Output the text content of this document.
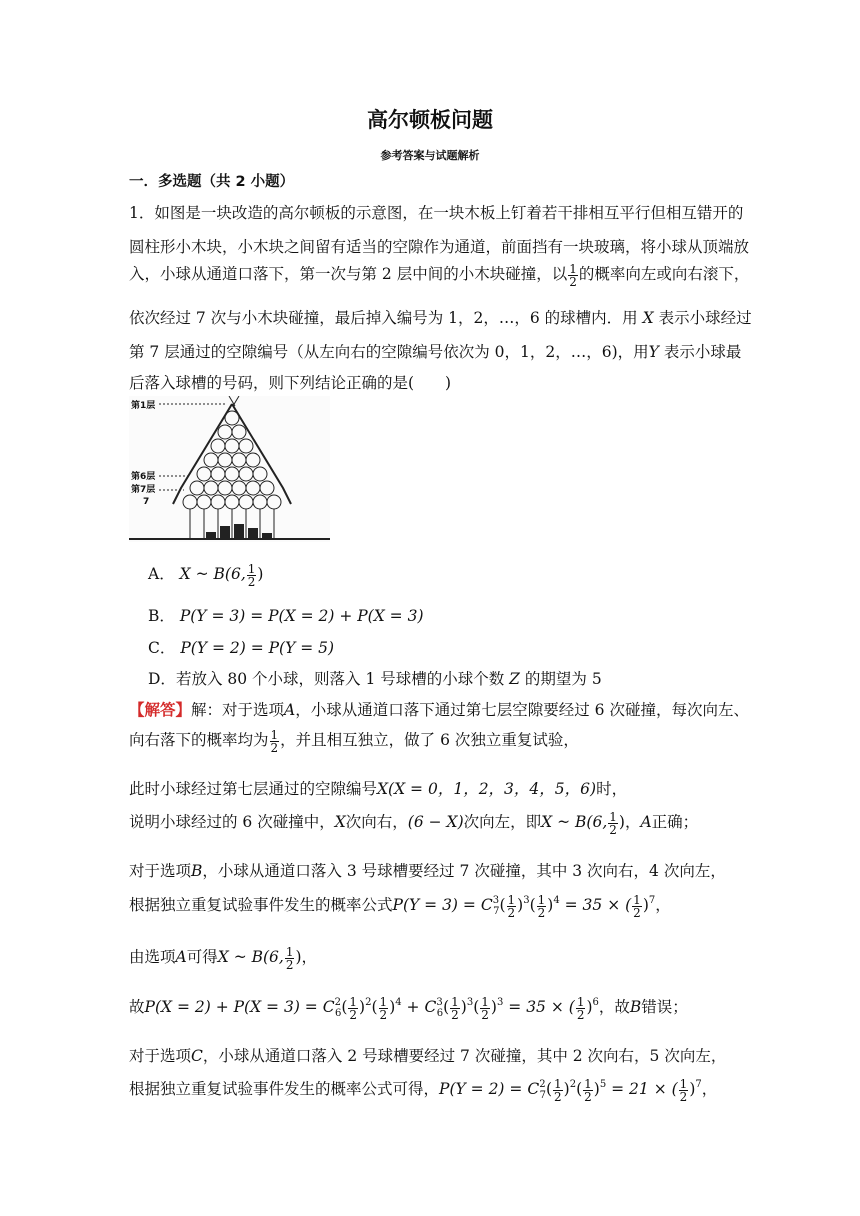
高尔顿板问题
参考答案与试题解析
一．多选题（共 2 小题）
1．如图是一块改造的高尔顿板的示意图，在一块木板上钉着若干排相互平行但相互错开的
圆柱形小木块，小木块之间留有适当的空隙作为通道，前面挡有一块玻璃，将小球从顶端放
入，小球从通道口落下，第一次与第 2 层中间的小木块碰撞，以 $\frac{1}{2}$ 的概率向左或向右滚下，
依次经过 7 次与小木块碰撞，最后掉入编号为 1，2，…，6 的球槽内．用 X 表示小球经过
第 7 层通过的空隙编号（从左向右的空隙编号依次为 0，1，2，…，6)，用Y 表示小球最
后落入球槽的号码，则下列结论正确的是(　　)
第1层
第6层
第7层
7
A． X ~ B(6, $\frac{1}{2}$ )
B． P(Y = 3) = P(X = 2) + P(X = 3)
C． P(Y = 2) = P(Y = 5)
D．若放入 80 个小球，则落入 1 号球槽的小球个数 Z 的期望为 5
【解答】解：对于选项A，小球从通道口落下通过第七层空隙要经过 6 次碰撞，每次向左、
向右落下的概率均为 $\frac{1}{2}$ ，并且相互独立，做了 6 次独立重复试验，
此时小球经过第七层通过的空隙编号X(X = 0，1，2，3，4，5，6)时，
说明小球经过的 6 次碰撞中，X次向右，(6 − X)次向左，即X ~ B(6, $\frac{1}{2}$ )，A正确；
对于选项B，小球从通道口落入 3 号球槽要经过 7 次碰撞，其中 3 次向右，4 次向左，
根据独立重复试验事件发生的概率公式$P(Y = 3) = C^3_7( \frac{1}{2} )^3( \frac{1}{2} )^4 = 35$ × ( $\frac{1}{2} )^7$，
由选项A可得X ~ B(6, $\frac{1}{2}$ )，
故$P(X = 2) + P(X = 3) = C^2_6( \frac{1}{2} )^2( \frac{1}{2} )^4 + C^3_6( \frac{1}{2} )^3( \frac{1}{2} )^3 = 35$ × ( $\frac{1}{2} )^6$，故B错误；
对于选项C，小球从通道口落入 2 号球槽要经过 7 次碰撞，其中 2 次向右，5 次向左，
根据独立重复试验事件发生的概率公式可得，$P(Y = 2) = C^2_7( \frac{1}{2} )^2( \frac{1}{2} )^5 = 21$ × ( $\frac{1}{2} )^7$，
